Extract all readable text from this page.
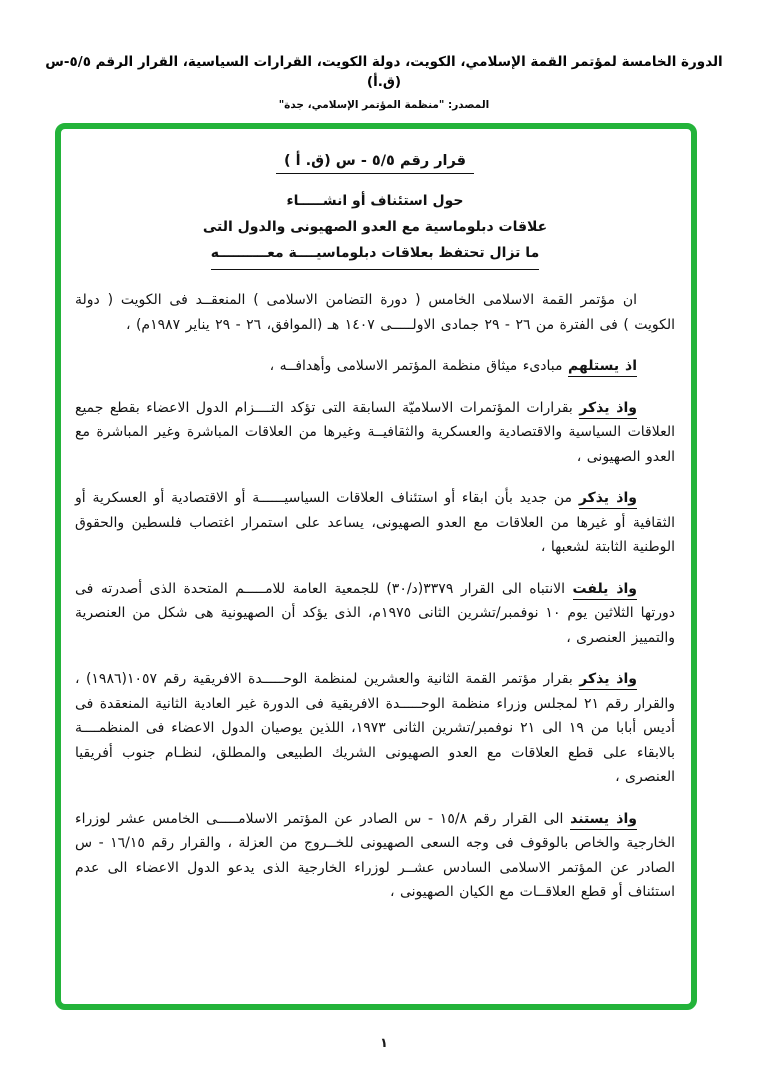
الدورة الخامسة لمؤتمر القمة الإسلامي، الكويت، دولة الكويت، القرارات السياسية، القرار الرقم ٥/٥-س (ق.أ)
المصدر: "منظمة المؤتمر الإسلامي، جدة"
قرار رقم ٥/٥ - س (ق. أ )
حول استئناف أو انشـــــاء
علاقات دبلوماسية مع العدو الصهيونى والدول التى
ما تزال تحتفظ بعلاقات دبلوماسيــــة معــــــــــه

ان مؤتمر القمة الاسلامى الخامس ( دورة التضامن الاسلامى ) المنعقــد فى الكويت ( دولة الكويت ) فى الفترة من ٢٦ - ٢٩ جمادى الاولـــــى ١٤٠٧ هـ (الموافق، ٢٦ - ٢٩ يناير ١٩٨٧م) ،

اذ يستلهم مبادىء ميثاق منظمة المؤتمر الاسلامى وأهدافــه ،

واذ يذكر بقرارات المؤتمرات الاسلاميّة السابقة التى تؤكد التــــزام الدول الاعضاء بقطع جميع العلاقات السياسية والاقتصادية والعسكرية والثقافيــة وغيرها من العلاقات المباشرة وغير المباشرة مع العدو الصهيونى ،

واذ يذكر من جديد بأن ابقاء أو استئناف العلاقات السياسيــــــة أو الاقتصادية أو العسكرية أو الثقافية أو غيرها من العلاقات مع العدو الصهيونى، يساعد على استمرار اغتصاب فلسطين والحقوق الوطنية الثابتة لشعبها ،

واذ يلفت الانتباه الى القرار ٣٣٧٩(د/٣٠) للجمعية العامة للامـــــم المتحدة الذى أصدرته فى دورتها الثلاثين يوم ١٠ نوفمبر/تشرين الثانى ١٩٧٥م، الذى يؤكد أن الصهيونية هى شكل من العنصرية والتمييز العنصرى ،

واذ يذكر بقرار مؤتمر القمة الثانية والعشرين لمنظمة الوحـــــدة الافريقية رقم ١٠٥٧(١٩٨٦) ، والقرار رقم ٢١ لمجلس وزراء منظمة الوحـــــدة الافريقية فى الدورة غير العادية الثانية المنعقدة فى أديس أبابا من ١٩ الى ٢١ نوفمبر/تشرين الثانى ١٩٧٣، اللذين يوصيان الدول الاعضاء فى المنظمــــة بالابقاء على قطع العلاقات مع العدو الصهيونى الشريك الطبيعى والمطلق، لنظـام جنوب أفريقيا العنصرى ،

واذ يستند الى القرار رقم ١٥/٨ - س الصادر عن المؤتمر الاسلامـــــى الخامس عشر لوزراء الخارجية والخاص بالوقوف فى وجه السعى الصهيونى للخــروج من العزلة ، والقرار رقم ١٦/١٥ - س الصادر عن المؤتمر الاسلامى السادس عشــر لوزراء الخارجية الذى يدعو الدول الاعضاء الى عدم استئناف أو قطع العلاقــات مع الكيان الصهيونى ،

١
